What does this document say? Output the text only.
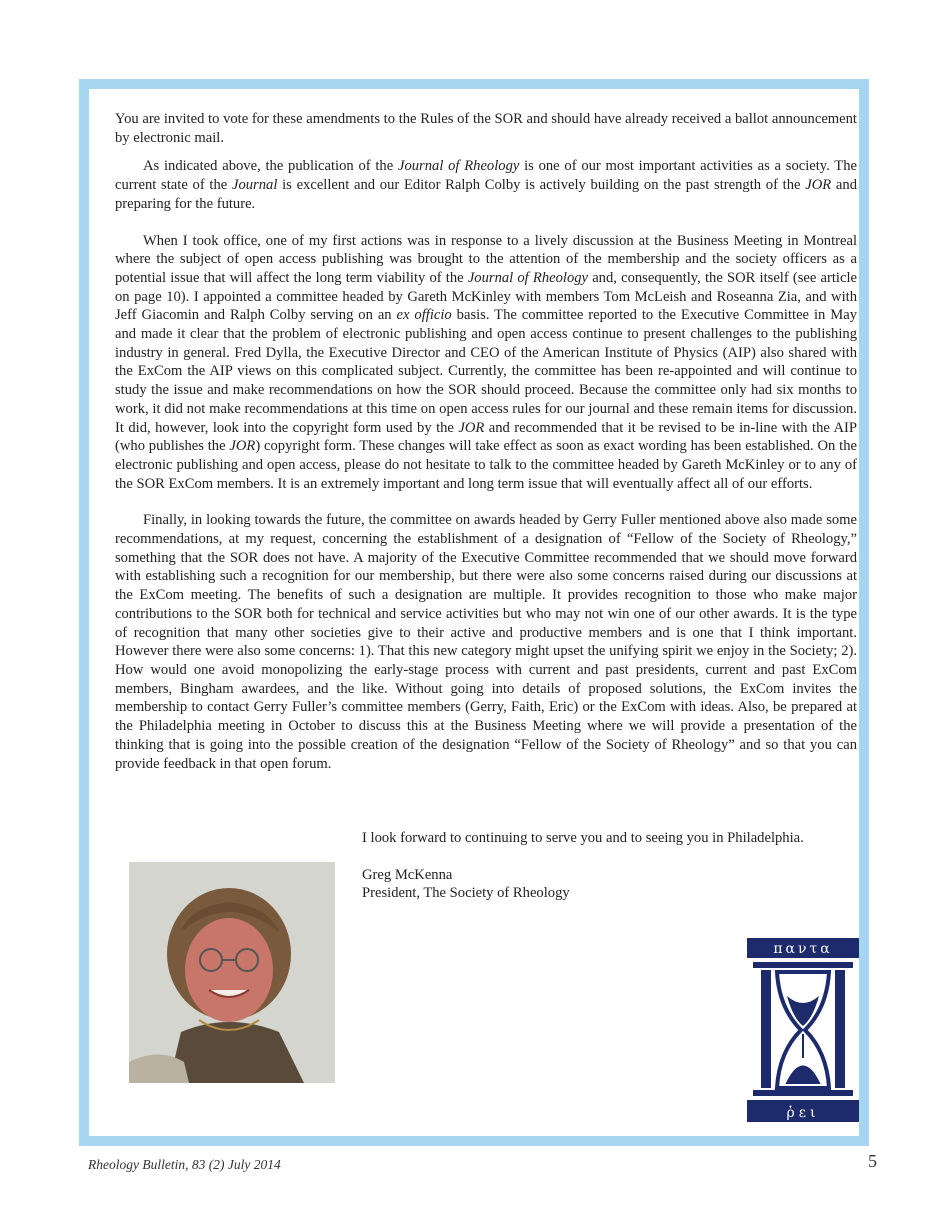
You are invited to vote for these amendments to the Rules of the SOR and should have already received a ballot announcement by electronic mail.

As indicated above, the publication of the Journal of Rheology is one of our most important activities as a society. The current state of the Journal is excellent and our Editor Ralph Colby is actively building on the past strength of the JOR and preparing for the future.

When I took office, one of my first actions was in response to a lively discussion at the Business Meeting in Montreal where the subject of open access publishing was brought to the attention of the membership and the society officers as a potential issue that will affect the long term viability of the Journal of Rheology and, consequently, the SOR itself (see article on page 10). I appointed a committee headed by Gareth McKinley with members Tom McLeish and Roseanna Zia, and with Jeff Giacomin and Ralph Colby serving on an ex officio basis. The committee reported to the Executive Committee in May and made it clear that the problem of electronic publishing and open access continue to present challenges to the publishing industry in general. Fred Dylla, the Executive Director and CEO of the American Institute of Physics (AIP) also shared with the ExCom the AIP views on this complicated subject. Currently, the committee has been re-appointed and will continue to study the issue and make recommendations on how the SOR should proceed. Because the committee only had six months to work, it did not make recommendations at this time on open access rules for our journal and these remain items for discussion. It did, however, look into the copyright form used by the JOR and recommended that it be revised to be in-line with the AIP (who publishes the JOR) copyright form. These changes will take effect as soon as exact wording has been established. On the electronic publishing and open access, please do not hesitate to talk to the committee headed by Gareth McKinley or to any of the SOR ExCom members. It is an extremely important and long term issue that will eventually affect all of our efforts.

Finally, in looking towards the future, the committee on awards headed by Gerry Fuller mentioned above also made some recommendations, at my request, concerning the establishment of a designation of “Fellow of the Society of Rheology,” something that the SOR does not have. A majority of the Executive Committee recommended that we should move forward with establishing such a recognition for our membership, but there were also some concerns raised during our discussions at the ExCom meeting. The benefits of such a designation are multiple. It provides recognition to those who make major contributions to the SOR both for technical and service activities but who may not win one of our other awards. It is the type of recognition that many other societies give to their active and productive members and is one that I think important. However there were also some concerns: 1). That this new category might upset the unifying spirit we enjoy in the Society; 2). How would one avoid monopolizing the early-stage process with current and past presidents, current and past ExCom members, Bingham awardees, and the like. Without going into details of proposed solutions, the ExCom invites the membership to contact Gerry Fuller’s committee members (Gerry, Faith, Eric) or the ExCom with ideas. Also, be prepared at the Philadelphia meeting in October to discuss this at the Business Meeting where we will provide a presentation of the thinking that is going into the possible creation of the designation “Fellow of the Society of Rheology” and so that you can provide feedback in that open forum.

I look forward to continuing to serve you and to seeing you in Philadelphia.

Greg McKenna

President, The Society of Rheology

παντα
ῥει
Rheology Bulletin, 83 (2) July 2014	5
